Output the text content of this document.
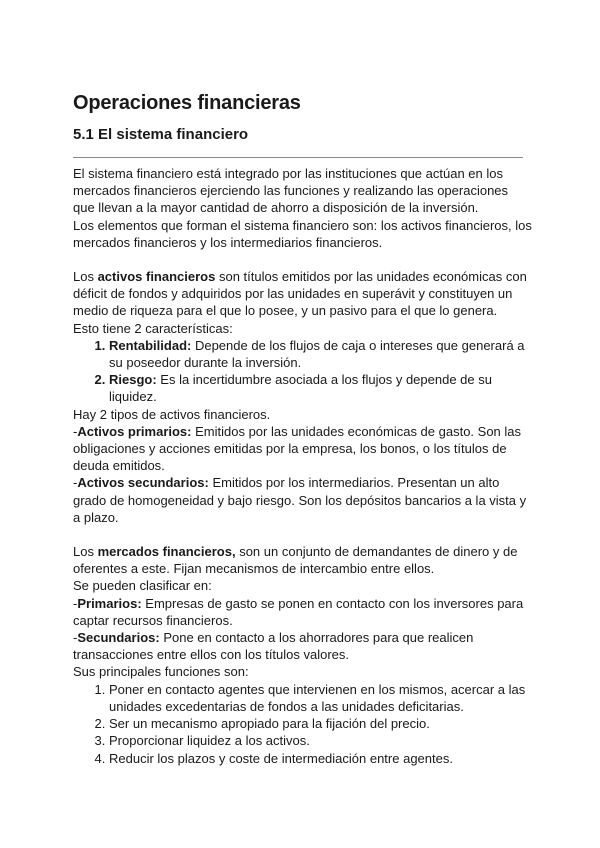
Operaciones financieras
5.1 El sistema financiero

El sistema financiero está integrado por las instituciones que actúan en los mercados financieros ejerciendo las funciones y realizando las operaciones que llevan a la mayor cantidad de ahorro a disposición de la inversión.

Los elementos que forman el sistema financiero son: los activos financieros, los mercados financieros y los intermediarios financieros.

Los activos financieros son títulos emitidos por las unidades económicas con déficit de fondos y adquiridos por las unidades en superávit y constituyen un medio de riqueza para el que lo posee, y un pasivo para el que lo genera.

Esto tiene 2 características:

1. Rentabilidad: Depende de los flujos de caja o intereses que generará a su poseedor durante la inversión.
2. Riesgo: Es la incertidumbre asociada a los flujos y depende de su liquidez.

Hay 2 tipos de activos financieros.

-Activos primarios: Emitidos por las unidades económicas de gasto. Son las obligaciones y acciones emitidas por la empresa, los bonos, o los títulos de deuda emitidos.

-Activos secundarios: Emitidos por los intermediarios. Presentan un alto grado de homogeneidad y bajo riesgo. Son los depósitos bancarios a la vista y a plazo.

Los mercados financieros, son un conjunto de demandantes de dinero y de oferentes a este. Fijan mecanismos de intercambio entre ellos.

Se pueden clasificar en:

-Primarios: Empresas de gasto se ponen en contacto con los inversores para captar recursos financieros.

-Secundarios: Pone en contacto a los ahorradores para que realicen transacciones entre ellos con los títulos valores.

Sus principales funciones son:

1. Poner en contacto agentes que intervienen en los mismos, acercar a las unidades excedentarias de fondos a las unidades deficitarias.
2. Ser un mecanismo apropiado para la fijación del precio.
3. Proporcionar liquidez a los activos.
4. Reducir los plazos y coste de intermediación entre agentes.
